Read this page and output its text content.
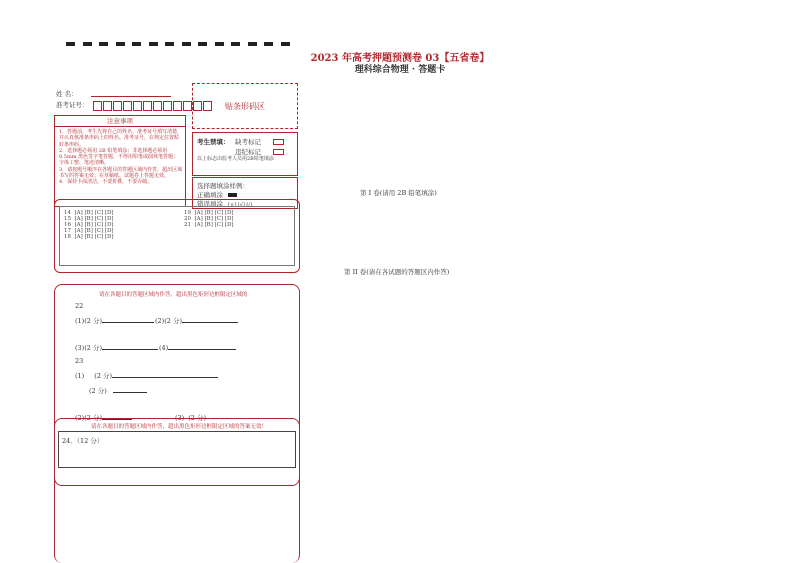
2023 年高考押题预测卷 03【五省卷】
理科综合物理 · 答题卡
姓 名：
准考证号：	贴条形码区
注意事项
1．答题前，考生先将自己的姓名，准考证号填写清楚，并认真核准条形码上的姓名、准考证号，在规定位置贴好条形码。
2．选择题必须用 2B 铅笔填涂；非选择题必须用 0.5mm 黑色签字笔答题，不得用铅笔或圆珠笔答题；字体工整、笔迹清晰。
3．请按题号顺序在各题目的答题区域内作答，超出区域书写的答案无效；在草稿纸、试题卷上答题无效。
4．保持卡面清洁，不要折叠，不要弄破。
考生禁填： 缺考标记
违纪标记
以上标志由监考人员用2B铅笔填涂
选择题填涂样例：
正确填涂
错误填涂 [×] [√] [/]
14 [A] [B] [C] [D]
15 [A] [B] [C] [D]
16 [A] [B] [C] [D]
17 [A] [B] [C] [D]
18 [A] [B] [C] [D]
19 [A] [B] [C] [D]
20 [A] [B] [C] [D]
21 [A] [B] [C] [D]
第 I 卷(请用 2B 铅笔填涂)
第 II 卷(请在各试题的答题区内作答)
请在各题目的答题区域内作答，超出黑色矩形边框限定区域的
22
(1)(2 分)	(2)(2 分)
(3)(2 分)	(4)
23
(1) (2 分)
(2 分)
(2)(2 分)	(3) (2 分)
请在各题目的答题区域内作答，超出黑色矩形边框限定区域的答案无效！
24．（12 分）
